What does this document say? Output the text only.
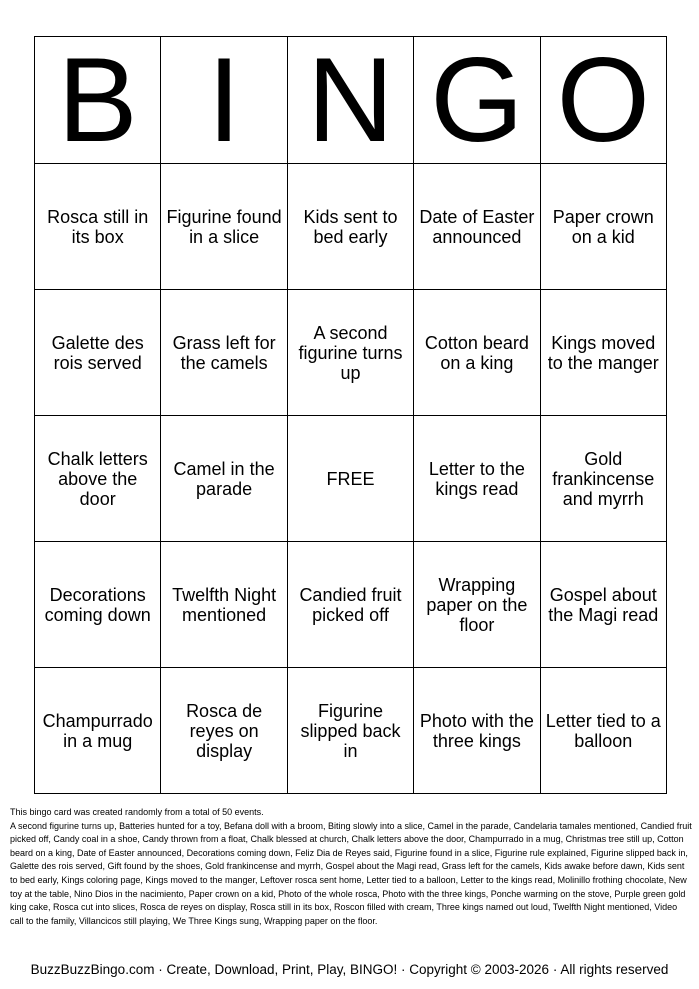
B	I	N	G	O
Rosca still in its box	Figurine found in a slice	Kids sent to bed early	Date of Easter announced	Paper crown on a kid
Galette des rois served	Grass left for the camels	A second figurine turns up	Cotton beard on a king	Kings moved to the manger
Chalk letters above the door	Camel in the parade	FREE	Letter to the kings read	Gold frankincense and myrrh
Decorations coming down	Twelfth Night mentioned	Candied fruit picked off	Wrapping paper on the floor	Gospel about the Magi read
Champurrado in a mug	Rosca de reyes on display	Figurine slipped back in	Photo with the three kings	Letter tied to a balloon

This bingo card was created randomly from a total of 50 events.

A second figurine turns up, Batteries hunted for a toy, Befana doll with a broom, Biting slowly into a slice, Camel in the parade, Candelaria tamales mentioned, Candied fruit picked off, Candy coal in a shoe, Candy thrown from a float, Chalk blessed at church, Chalk letters above the door, Champurrado in a mug, Christmas tree still up, Cotton beard on a king, Date of Easter announced, Decorations coming down, Feliz Dia de Reyes said, Figurine found in a slice, Figurine rule explained, Figurine slipped back in, Galette des rois served, Gift found by the shoes, Gold frankincense and myrrh, Gospel about the Magi read, Grass left for the camels, Kids awake before dawn, Kids sent to bed early, Kings coloring page, Kings moved to the manger, Leftover rosca sent home, Letter tied to a balloon, Letter to the kings read, Molinillo frothing chocolate, New toy at the table, Nino Dios in the nacimiento, Paper crown on a kid, Photo of the whole rosca, Photo with the three kings, Ponche warming on the stove, Purple green gold king cake, Rosca cut into slices, Rosca de reyes on display, Rosca still in its box, Roscon filled with cream, Three kings named out loud, Twelfth Night mentioned, Video call to the family, Villancicos still playing, We Three Kings sung, Wrapping paper on the floor.

BuzzBuzzBingo.com · Create, Download, Print, Play, BINGO! · Copyright © 2003-2026 · All rights reserved
